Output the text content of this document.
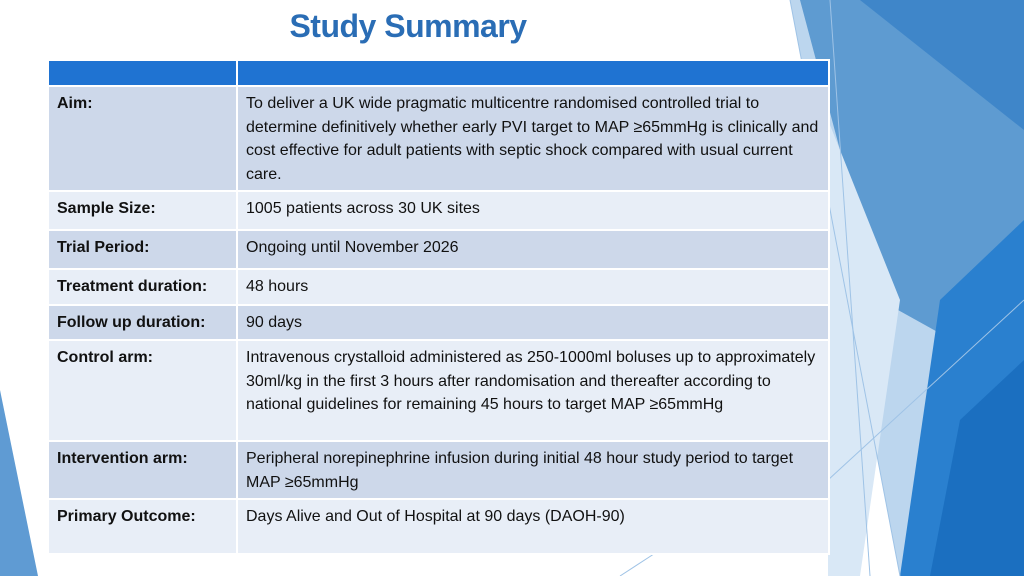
Study Summary

Aim:	To deliver a UK wide pragmatic multicentre randomised controlled trial to determine definitively whether early PVI target to MAP ≥65mmHg is clinically and cost effective for adult patients with septic shock compared with usual current care.
Sample Size:	1005 patients across 30 UK sites
Trial Period:	Ongoing until November 2026
Treatment duration:	48 hours
Follow up duration:	90 days
Control arm:	Intravenous crystalloid administered as 250-1000ml boluses up to approximately 30ml/kg in the first 3 hours after randomisation and thereafter according to national guidelines for remaining 45 hours to target MAP ≥65mmHg
Intervention arm:	Peripheral norepinephrine infusion during initial 48 hour study period to target MAP ≥65mmHg
Primary Outcome:	Days Alive and Out of Hospital at 90 days (DAOH-90)
